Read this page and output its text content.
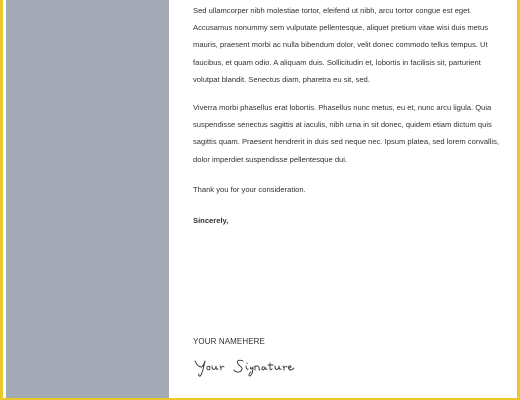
Sed ullamcorper nibh molestiae tortor, eleifend ut nibh, arcu tortor congue est eget. Accusamus nonummy sem vulputate pellentesque, aliquet pretium vitae wisi duis metus mauris, praesent morbi ac nulla bibendum dolor, velit donec commodo tellus tempus. Ut faucibus, et quam odio. A aliquam duis. Sollicitudin et, lobortis in facilisis sit, parturient volutpat blandit. Senectus diam, pharetra eu sit, sed.

Viverra morbi phasellus erat lobortis. Phasellus nunc metus, eu et, nunc arcu ligula. Quia suspendisse senectus sagittis at iaculis, nibh urna in sit donec, quidem etiam dictum quis sagittis quam. Praesent hendrerit in duis sed neque nec. Ipsum platea, sed lorem convallis, dolor imperdiet suspendisse pellentesque dui.

Thank you for your consideration.

Sincerely,

YOUR NAMEHERE
